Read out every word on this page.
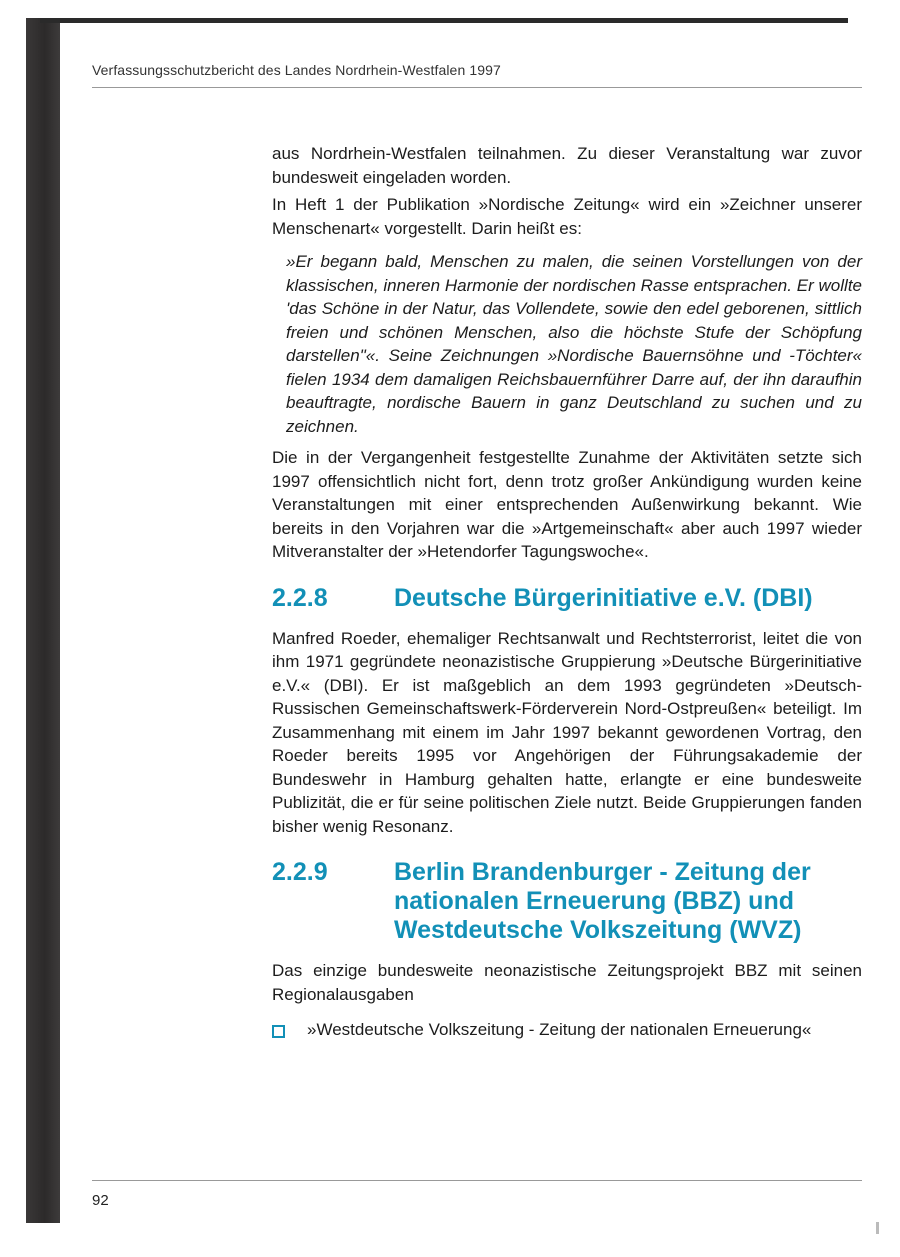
Verfassungsschutzbericht des Landes Nordrhein-Westfalen 1997

aus Nordrhein-Westfalen teilnahmen. Zu dieser Veranstaltung war zuvor bundesweit eingeladen worden.

In Heft 1 der Publikation »Nordische Zeitung« wird ein »Zeichner unserer Menschenart« vorgestellt. Darin heißt es:

»Er begann bald, Menschen zu malen, die seinen Vorstellungen von der klassischen, inneren Harmonie der nordischen Rasse entsprachen. Er wollte 'das Schöne in der Natur, das Vollendete, sowie den edel geborenen, sittlich freien und schönen Menschen, also die höchste Stufe der Schöpfung darstellen"«. Seine Zeichnungen »Nordische Bauernsöhne und -Töchter« fielen 1934 dem damaligen Reichsbauernführer Darre auf, der ihn daraufhin beauftragte, nordische Bauern in ganz Deutschland zu suchen und zu zeichnen.

Die in der Vergangenheit festgestellte Zunahme der Aktivitäten setzte sich 1997 offensichtlich nicht fort, denn trotz großer Ankündigung wurden keine Veranstaltungen mit einer entsprechenden Außenwirkung bekannt. Wie bereits in den Vorjahren war die »Artgemeinschaft« aber auch 1997 wieder Mitveranstalter der »Hetendorfer Tagungswoche«.

2.2.8	Deutsche Bürgerinitiative e.V. (DBI)

Manfred Roeder, ehemaliger Rechtsanwalt und Rechtsterrorist, leitet die von ihm 1971 gegründete neonazistische Gruppierung »Deutsche Bürgerinitiative e.V.« (DBI). Er ist maßgeblich an dem 1993 gegründeten »Deutsch-Russischen Gemeinschaftswerk-Förderverein Nord-Ostpreußen« beteiligt. Im Zusammenhang mit einem im Jahr 1997 bekannt gewordenen Vortrag, den Roeder bereits 1995 vor Angehörigen der Führungsakademie der Bundeswehr in Hamburg gehalten hatte, erlangte er eine bundesweite Publizität, die er für seine politischen Ziele nutzt. Beide Gruppierungen fanden bisher wenig Resonanz.

2.2.9	Berlin Brandenburger - Zeitung der nationalen Erneuerung (BBZ) und Westdeutsche Volkszeitung (WVZ)

Das einzige bundesweite neonazistische Zeitungsprojekt BBZ mit seinen Regionalausgaben

»Westdeutsche Volkszeitung - Zeitung der nationalen Erneuerung«
92
